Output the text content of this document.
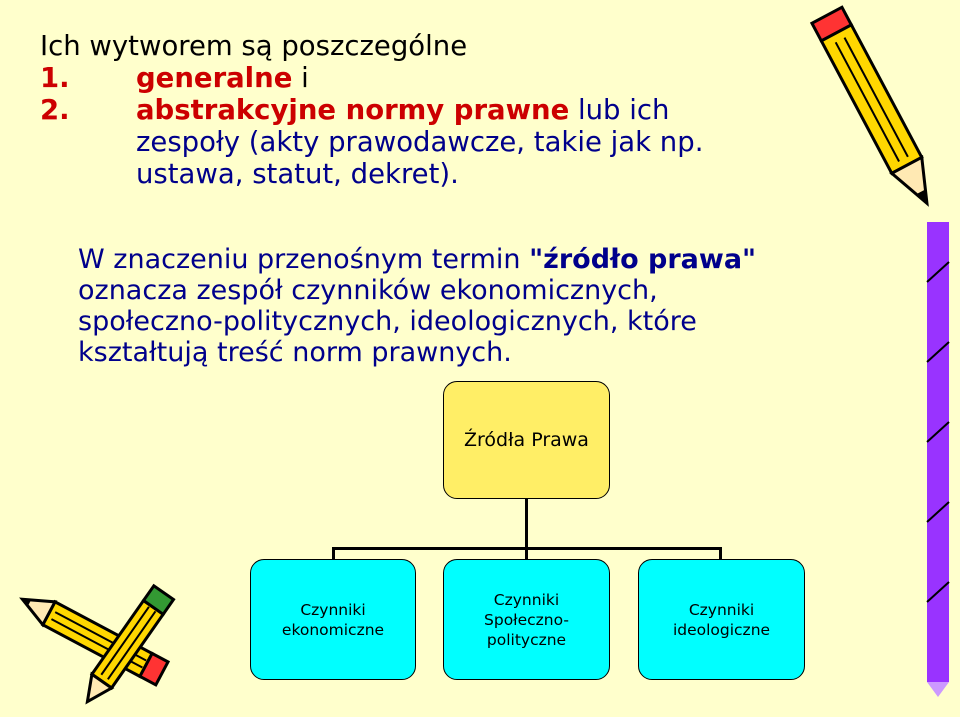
Ich wytworem są poszczególne
1. generalne i
2. abstrakcyjne normy prawne lub ich
zespoły (akty prawodawcze, takie jak np.
ustawa, statut, dekret).
W znaczeniu przenośnym termin "źródło prawa"
oznacza zespół czynników ekonomicznych,
społeczno-politycznych, ideologicznych, które
kształtują treść norm prawnych.
Źródła Prawa
Czynniki
ekonomiczne
Czynniki
Społeczno-
polityczne
Czynniki
ideologiczne
